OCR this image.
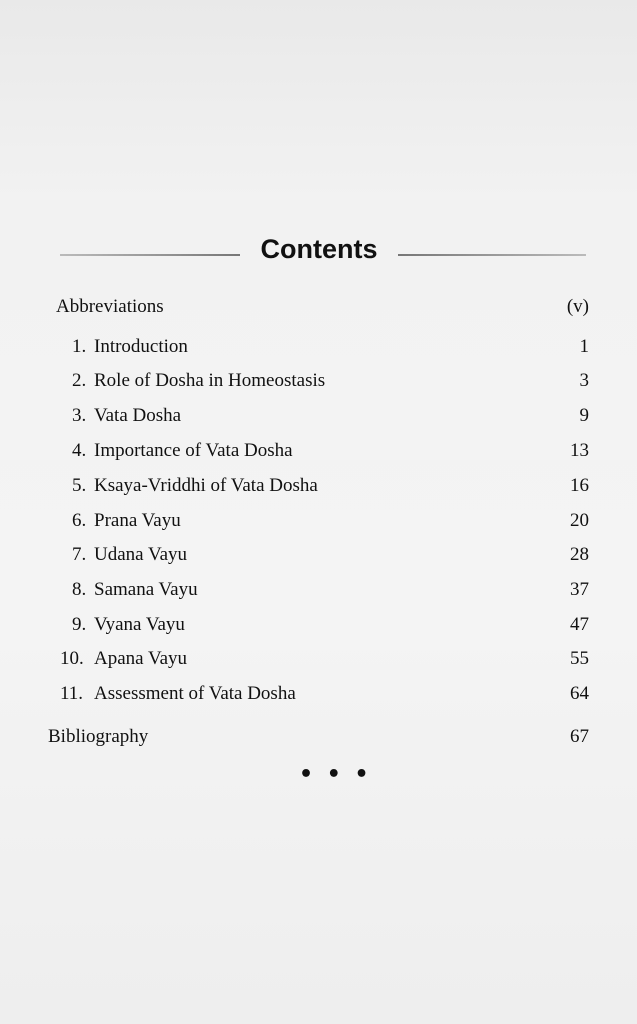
Contents
Abbreviations	(v)
1. Introduction	1
2. Role of Dosha in Homeostasis	3
3. Vata Dosha	9
4. Importance of Vata Dosha	13
5. Ksaya-Vriddhi of Vata Dosha	16
6. Prana Vayu	20
7. Udana Vayu	28
8. Samana Vayu	37
9. Vyana Vayu	47
10. Apana Vayu	55
11. Assessment of Vata Dosha	64
Bibliography	67
• • •
